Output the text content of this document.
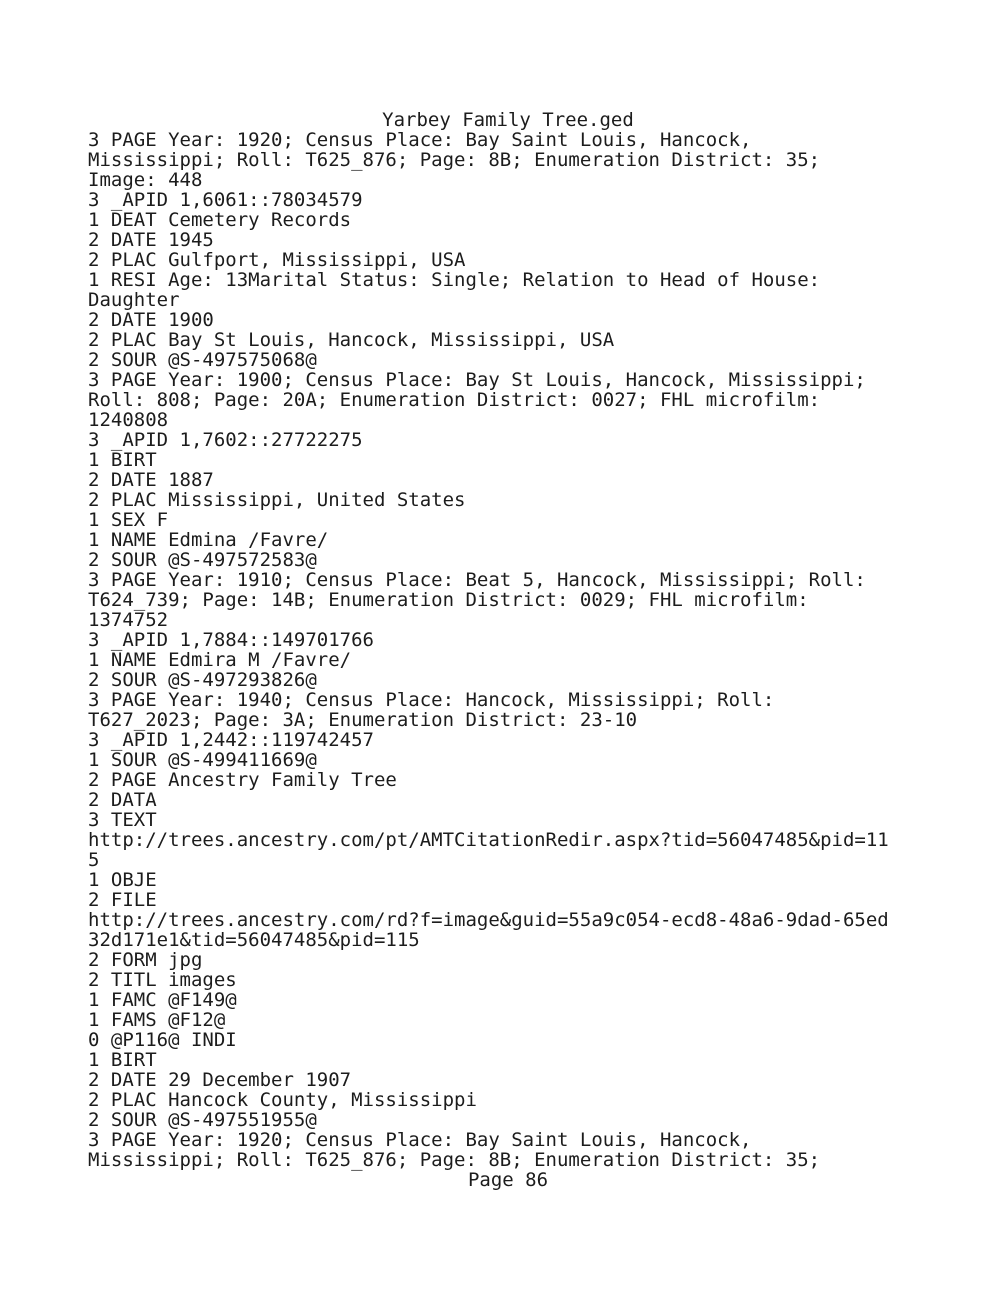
Yarbey Family Tree.ged
3 PAGE Year: 1920; Census Place: Bay Saint Louis, Hancock,
Mississippi; Roll: T625_876; Page: 8B; Enumeration District: 35;
Image: 448
3 _APID 1,6061::78034579
1 DEAT Cemetery Records
2 DATE 1945
2 PLAC Gulfport, Mississippi, USA
1 RESI Age: 13Marital Status: Single; Relation to Head of House:
Daughter
2 DATE 1900
2 PLAC Bay St Louis, Hancock, Mississippi, USA
2 SOUR @S-497575068@
3 PAGE Year: 1900; Census Place: Bay St Louis, Hancock, Mississippi;
Roll: 808; Page: 20A; Enumeration District: 0027; FHL microfilm:
1240808
3 _APID 1,7602::27722275
1 BIRT
2 DATE 1887
2 PLAC Mississippi, United States
1 SEX F
1 NAME Edmina /Favre/
2 SOUR @S-497572583@
3 PAGE Year: 1910; Census Place: Beat 5, Hancock, Mississippi; Roll:
T624_739; Page: 14B; Enumeration District: 0029; FHL microfilm:
1374752
3 _APID 1,7884::149701766
1 NAME Edmira M /Favre/
2 SOUR @S-497293826@
3 PAGE Year: 1940; Census Place: Hancock, Mississippi; Roll:
T627_2023; Page: 3A; Enumeration District: 23-10
3 _APID 1,2442::119742457
1 SOUR @S-499411669@
2 PAGE Ancestry Family Tree
2 DATA
3 TEXT
http://trees.ancestry.com/pt/AMTCitationRedir.aspx?tid=56047485&pid=11
5
1 OBJE
2 FILE
http://trees.ancestry.com/rd?f=image&guid=55a9c054-ecd8-48a6-9dad-65ed
32d171e1&tid=56047485&pid=115
2 FORM jpg
2 TITL images
1 FAMC @F149@
1 FAMS @F12@
0 @P116@ INDI
1 BIRT
2 DATE 29 December 1907
2 PLAC Hancock County, Mississippi
2 SOUR @S-497551955@
3 PAGE Year: 1920; Census Place: Bay Saint Louis, Hancock,
Mississippi; Roll: T625_876; Page: 8B; Enumeration District: 35;
Page 86
